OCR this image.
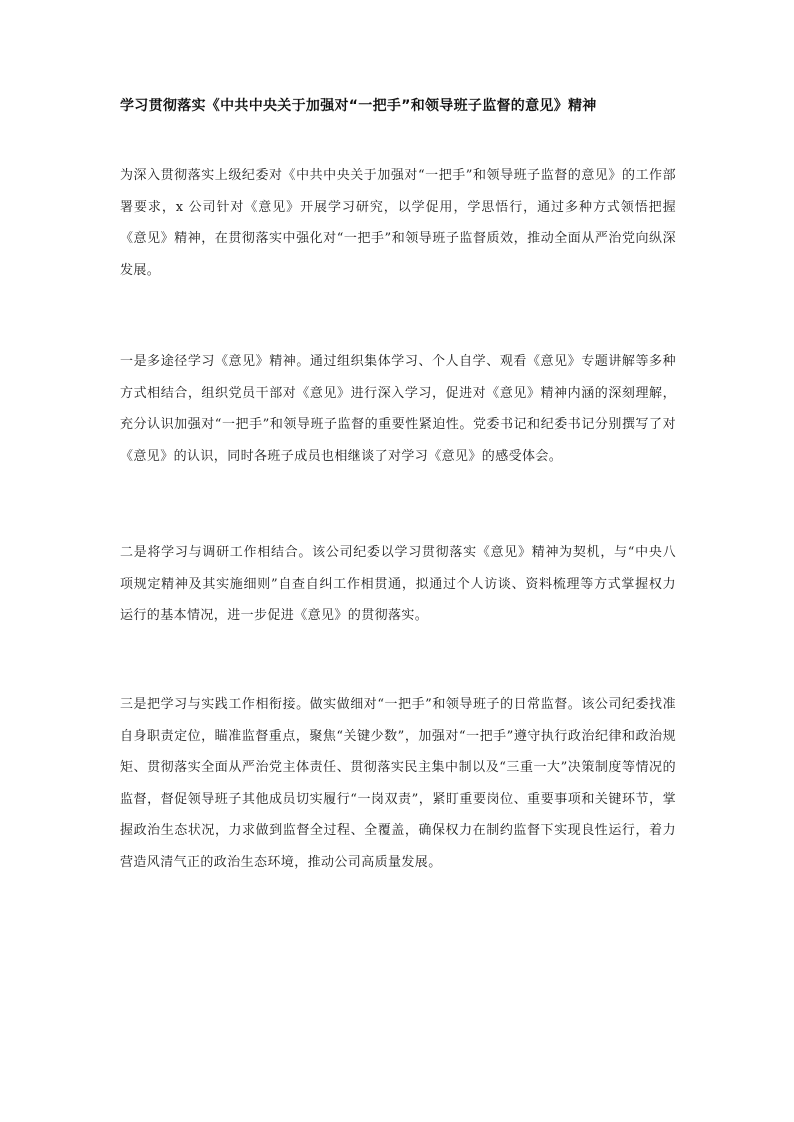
学习贯彻落实《中共中央关于加强对“一把手”和领导班子监督的意见》精神

为深入贯彻落实上级纪委对《中共中央关于加强对“一把手”和领导班子监督的意见》的工作部署要求，x 公司针对《意见》开展学习研究，以学促用，学思悟行，通过多种方式领悟把握《意见》精神，在贯彻落实中强化对“一把手”和领导班子监督质效，推动全面从严治党向纵深发展。

一是多途径学习《意见》精神。通过组织集体学习、个人自学、观看《意见》专题讲解等多种方式相结合，组织党员干部对《意见》进行深入学习，促进对《意见》精神内涵的深刻理解，充分认识加强对“一把手”和领导班子监督的重要性紧迫性。党委书记和纪委书记分别撰写了对《意见》的认识，同时各班子成员也相继谈了对学习《意见》的感受体会。

二是将学习与调研工作相结合。该公司纪委以学习贯彻落实《意见》精神为契机，与“中央八项规定精神及其实施细则”自查自纠工作相贯通，拟通过个人访谈、资料梳理等方式掌握权力运行的基本情况，进一步促进《意见》的贯彻落实。

三是把学习与实践工作相衔接。做实做细对“一把手”和领导班子的日常监督。该公司纪委找准自身职责定位，瞄准监督重点，聚焦“关键少数”，加强对“一把手”遵守执行政治纪律和政治规矩、贯彻落实全面从严治党主体责任、贯彻落实民主集中制以及“三重一大”决策制度等情况的监督，督促领导班子其他成员切实履行“一岗双责”，紧盯重要岗位、重要事项和关键环节，掌握政治生态状况，力求做到监督全过程、全覆盖，确保权力在制约监督下实现良性运行，着力营造风清气正的政治生态环境，推动公司高质量发展。
